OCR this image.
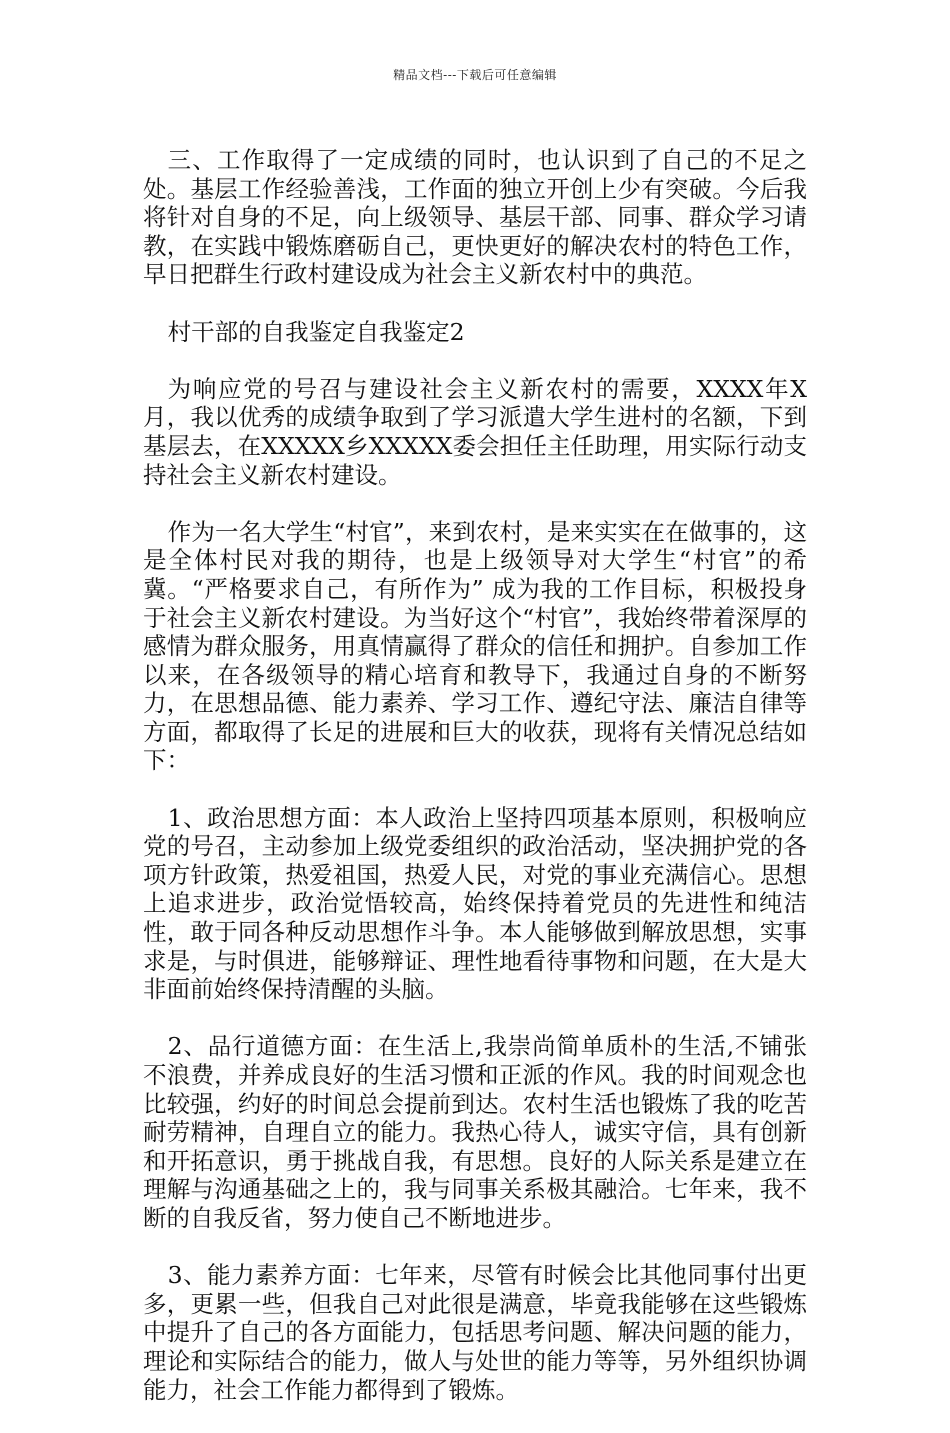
精品文档---下载后可任意编辑

三、工作取得了一定成绩的同时，也认识到了自己的不足之处。基层工作经验善浅，工作面的独立开创上少有突破。今后我将针对自身的不足，向上级领导、基层干部、同事、群众学习请教，在实践中锻炼磨砺自己，更快更好的解决农村的特色工作，早日把群生行政村建设成为社会主义新农村中的典范。

村干部的自我鉴定自我鉴定2

为响应党的号召与建设社会主义新农村的需要，XXXX年X月，我以优秀的成绩争取到了学习派遣大学生进村的名额，下到基层去，在XXXXX乡XXXXX委会担任主任助理，用实际行动支持社会主义新农村建设。

作为一名大学生“村官”，来到农村，是来实实在在做事的，这是全体村民对我的期待，也是上级领导对大学生“村官”的希冀。“严格要求自己，有所作为” 成为我的工作目标，积极投身于社会主义新农村建设。为当好这个“村官”，我始终带着深厚的感情为群众服务，用真情赢得了群众的信任和拥护。自参加工作以来，在各级领导的精心培育和教导下，我通过自身的不断努力，在思想品德、能力素养、学习工作、遵纪守法、廉洁自律等方面，都取得了长足的进展和巨大的收获，现将有关情况总结如下：

1、政治思想方面：本人政治上坚持四项基本原则，积极响应党的号召，主动参加上级党委组织的政治活动，坚决拥护党的各项方针政策，热爱祖国，热爱人民，对党的事业充满信心。思想上追求进步，政治觉悟较高，始终保持着党员的先进性和纯洁性，敢于同各种反动思想作斗争。本人能够做到解放思想，实事求是，与时俱进，能够辩证、理性地看待事物和问题，在大是大非面前始终保持清醒的头脑。

2、品行道德方面：在生活上,我崇尚简单质朴的生活,不铺张不浪费，并养成良好的生活习惯和正派的作风。我的时间观念也比较强，约好的时间总会提前到达。农村生活也锻炼了我的吃苦耐劳精神，自理自立的能力。我热心待人，诚实守信，具有创新和开拓意识，勇于挑战自我，有思想。良好的人际关系是建立在理解与沟通基础之上的，我与同事关系极其融洽。七年来，我不断的自我反省，努力使自己不断地进步。

3、能力素养方面：七年来，尽管有时候会比其他同事付出更多，更累一些，但我自己对此很是满意，毕竟我能够在这些锻炼中提升了自己的各方面能力，包括思考问题、解决问题的能力，理论和实际结合的能力，做人与处世的能力等等，另外组织协调能力，社会工作能力都得到了锻炼。
